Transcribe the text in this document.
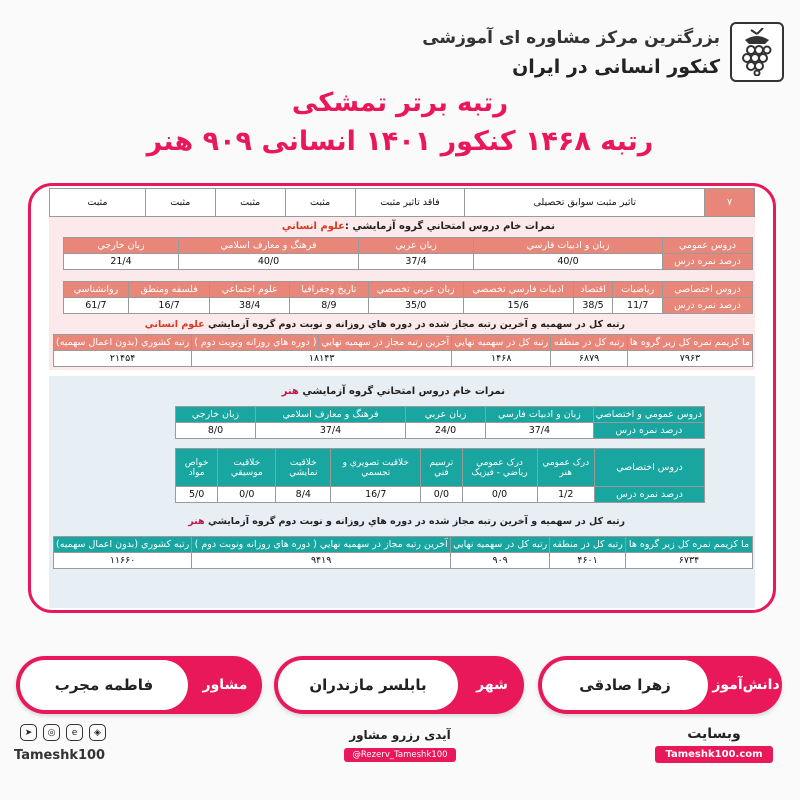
بزرگترین مرکز مشاوره ای آموزشی
کنکور انسانی در ایران
رتبه برتر تمشکی
رتبه ۱۴۶۸ کنکور ۱۴۰۱ انسانی ۹۰۹ هنر
۷	تاثیر مثبت سوابق تحصیلی	فاقد تاثیر مثبت	مثبت	مثبت	مثبت	مثبت
نمرات خام دروس امتحاني گروه آزمايشي :علوم انساني
دروس عمومي	زبان و ادبيات فارسي	زبان عربي	فرهنگ و معارف اسلامي	زبان خارجي
درصد نمره درس	40/0	37/4	40/0	21/4
دروس اختصاصي	رياضيات	اقتصاد	ادبيات فارسي تخصصي	زبان عربي تخصصي	تاريخ وجغرافيا	علوم اجتماعي	فلسفه ومنطق	روانشناسي
درصد نمره درس	11/7	38/5	15/6	35/0	8/9	38/4	16/7	61/7
رتبه كل در سهميه و آخرين رتبه مجاز شده در دوره هاي روزانه و نوبت دوم گروه آزمايشي علوم انساني
ما كزيمم نمره كل زير گروه ها	رتبه كل در منطقه	رتبه كل در سهميه نهايي	آخرين رتبه مجاز در سهميه نهايي	( دوره هاي روزانه ونوبت دوم )	رتبه كشوري (بدون اعمال سهميه)
۷۹۶۳	۶۸۷۹	۱۴۶۸	۱۸۱۴۳		۲۱۴۵۴
نمرات خام دروس امتحاني گروه آزمايشي هنر
دروس عمومي و اختصاصي	زبان و ادبيات فارسي	زبان عربي	فرهنگ و معارف اسلامي	زبان خارجي
درصد نمره درس	37/4	24/0	37/4	8/0
دروس اختصاصي	درک عمومي هنر	درک عمومي رياضي - فيزيک	ترسيم فني	خلاقيت تصويري و تجسمي	خلاقيت نمايشي	خلاقيت موسيقي	خواص مواد
درصد نمره درس	1/2	0/0	0/0	16/7	8/4	0/0	5/0
رتبه كل در سهميه و آخرين رتبه مجاز شده در دوره هاي روزانه و نوبت دوم گروه آزمايشي هنر
ما كزيمم نمره كل زير گروه ها	رتبه كل در منطقه	رتبه كل در سهميه نهايي	آخرين رتبه مجاز در سهميه نهايي ( دوره هاي روزانه ونوبت دوم )	رتبه كشوري (بدون اعمال سهميه)
۶۷۳۴	۴۶۰۱	۹۰۹	۹۴۱۹	۱۱۶۶۰
زهرا صادقی	دانش‌آموز
بابلسر مازندران	شهر
فاطمه مجرب	مشاور
➤	◎	e	◈
Tameshk100
آیدی رزرو مشاور
@Rezerv_Tameshk100
وبسایت
Tameshk100.com
